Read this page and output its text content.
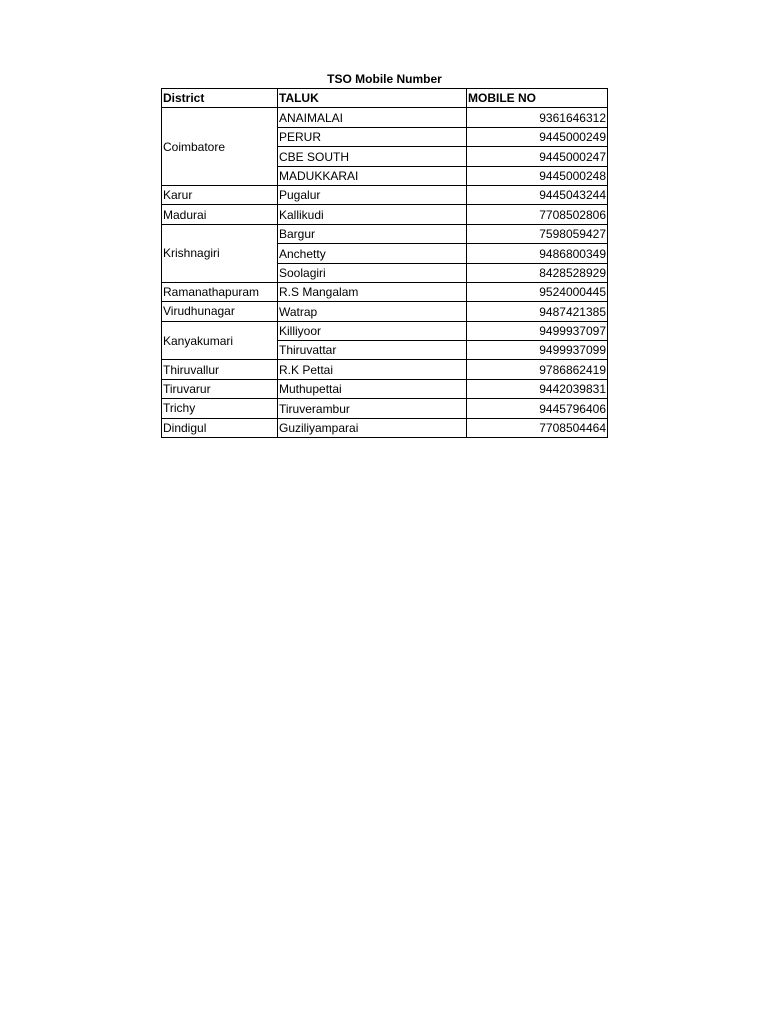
TSO Mobile Number
District	TALUK	MOBILE NO
Coimbatore	ANAIMALAI	9361646312
	PERUR	9445000249
	CBE SOUTH	9445000247
	MADUKKARAI	9445000248
Karur	Pugalur	9445043244
Madurai	Kallikudi	7708502806
Krishnagiri	Bargur	7598059427
	Anchetty	9486800349
	Soolagiri	8428528929
Ramanathapuram	R.S Mangalam	9524000445
Virudhunagar	Watrap	9487421385
Kanyakumari	Killiyoor	9499937097
	Thiruvattar	9499937099
Thiruvallur	R.K Pettai	9786862419
Tiruvarur	Muthupettai	9442039831
Trichy	Tiruverambur	9445796406
Dindigul	Guziliyamparai	7708504464
